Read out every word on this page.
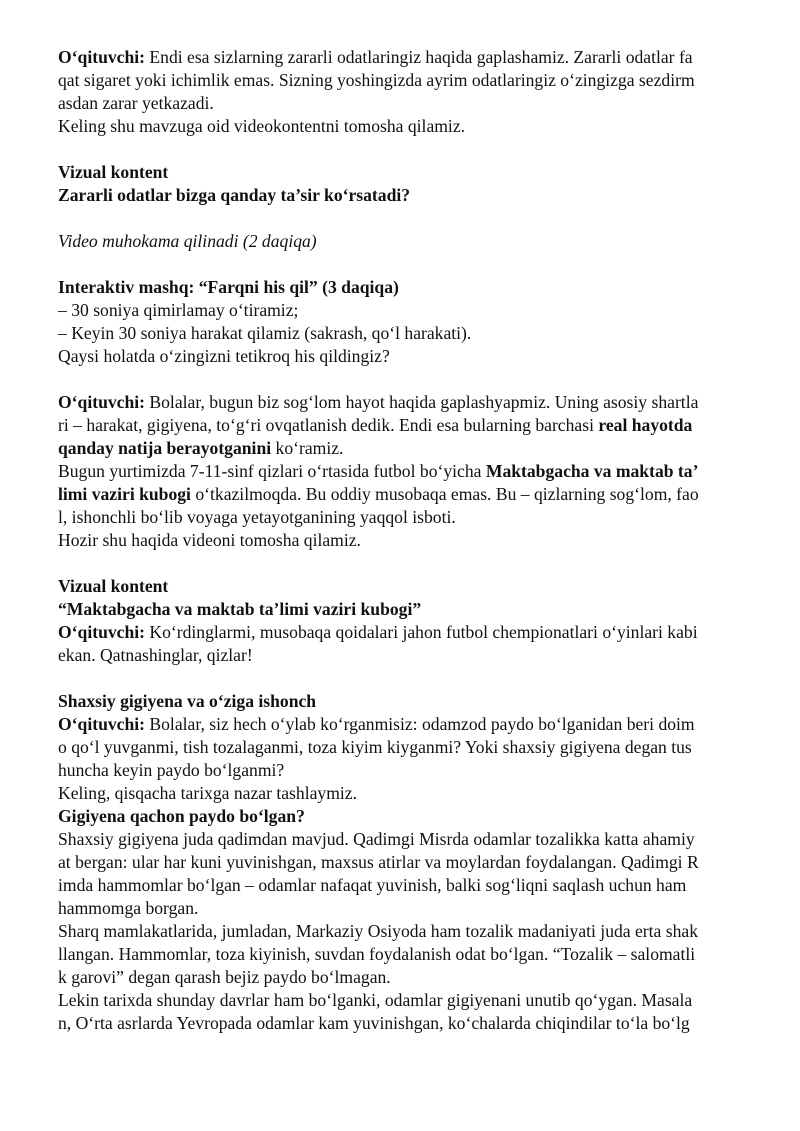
O‘qituvchi: Endi esa sizlarning zararli odatlaringiz haqida gaplashamiz. Zararli odatlar fa
qat sigaret yoki ichimlik emas. Sizning yoshingizda ayrim odatlaringiz o‘zingizga sezdirm
asdan zarar yetkazadi.
Keling shu mavzuga oid videokontentni tomosha qilamiz.
Vizual kontent
Zararli odatlar bizga qanday ta’sir ko‘rsatadi?
Video muhokama qilinadi (2 daqiqa)
Interaktiv mashq: “Farqni his qil” (3 daqiqa)
– 30 soniya qimirlamay o‘tiramiz;
– Keyin 30 soniya harakat qilamiz (sakrash, qo‘l harakati).
Qaysi holatda o‘zingizni tetikroq his qildingiz?
O‘qituvchi: Bolalar, bugun biz sog‘lom hayot haqida gaplashyapmiz. Uning asosiy shartla
ri – harakat, gigiyena, to‘g‘ri ovqatlanish dedik. Endi esa bularning barchasi real hayotda
qanday natija berayotganini ko‘ramiz.
Bugun yurtimizda 7-11-sinf qizlari o‘rtasida futbol bo‘yicha Maktabgacha va maktab ta’
limi vaziri kubogi o‘tkazilmoqda. Bu oddiy musobaqa emas. Bu – qizlarning sog‘lom, fao
l, ishonchli bo‘lib voyaga yetayotganining yaqqol isboti.
Hozir shu haqida videoni tomosha qilamiz.
Vizual kontent
“Maktabgacha va maktab ta’limi vaziri kubogi”
O‘qituvchi: Ko‘rdinglarmi, musobaqa qoidalari jahon futbol chempionatlari o‘yinlari kabi
ekan. Qatnashinglar, qizlar!
Shaxsiy gigiyena va o‘ziga ishonch
O‘qituvchi: Bolalar, siz hech o‘ylab ko‘rganmisiz: odamzod paydo bo‘lganidan beri doim
o qo‘l yuvganmi, tish tozalaganmi, toza kiyim kiyganmi? Yoki shaxsiy gigiyena degan tus
huncha keyin paydo bo‘lganmi?
Keling, qisqacha tarixga nazar tashlaymiz.
Gigiyena qachon paydo bo‘lgan?
Shaxsiy gigiyena juda qadimdan mavjud. Qadimgi Misrda odamlar tozalikka katta ahamiy
at bergan: ular har kuni yuvinishgan, maxsus atirlar va moylardan foydalangan. Qadimgi R
imda hammomlar bo‘lgan – odamlar nafaqat yuvinish, balki sog‘liqni saqlash uchun ham
hammomga borgan.
Sharq mamlakatlarida, jumladan, Markaziy Osiyoda ham tozalik madaniyati juda erta shak
llangan. Hammomlar, toza kiyinish, suvdan foydalanish odat bo‘lgan. “Tozalik – salomatli
k garovi” degan qarash bejiz paydo bo‘lmagan.
Lekin tarixda shunday davrlar ham bo‘lganki, odamlar gigiyenani unutib qo‘ygan. Masala
n, O‘rta asrlarda Yevropada odamlar kam yuvinishgan, ko‘chalarda chiqindilar to‘la bo‘lg
